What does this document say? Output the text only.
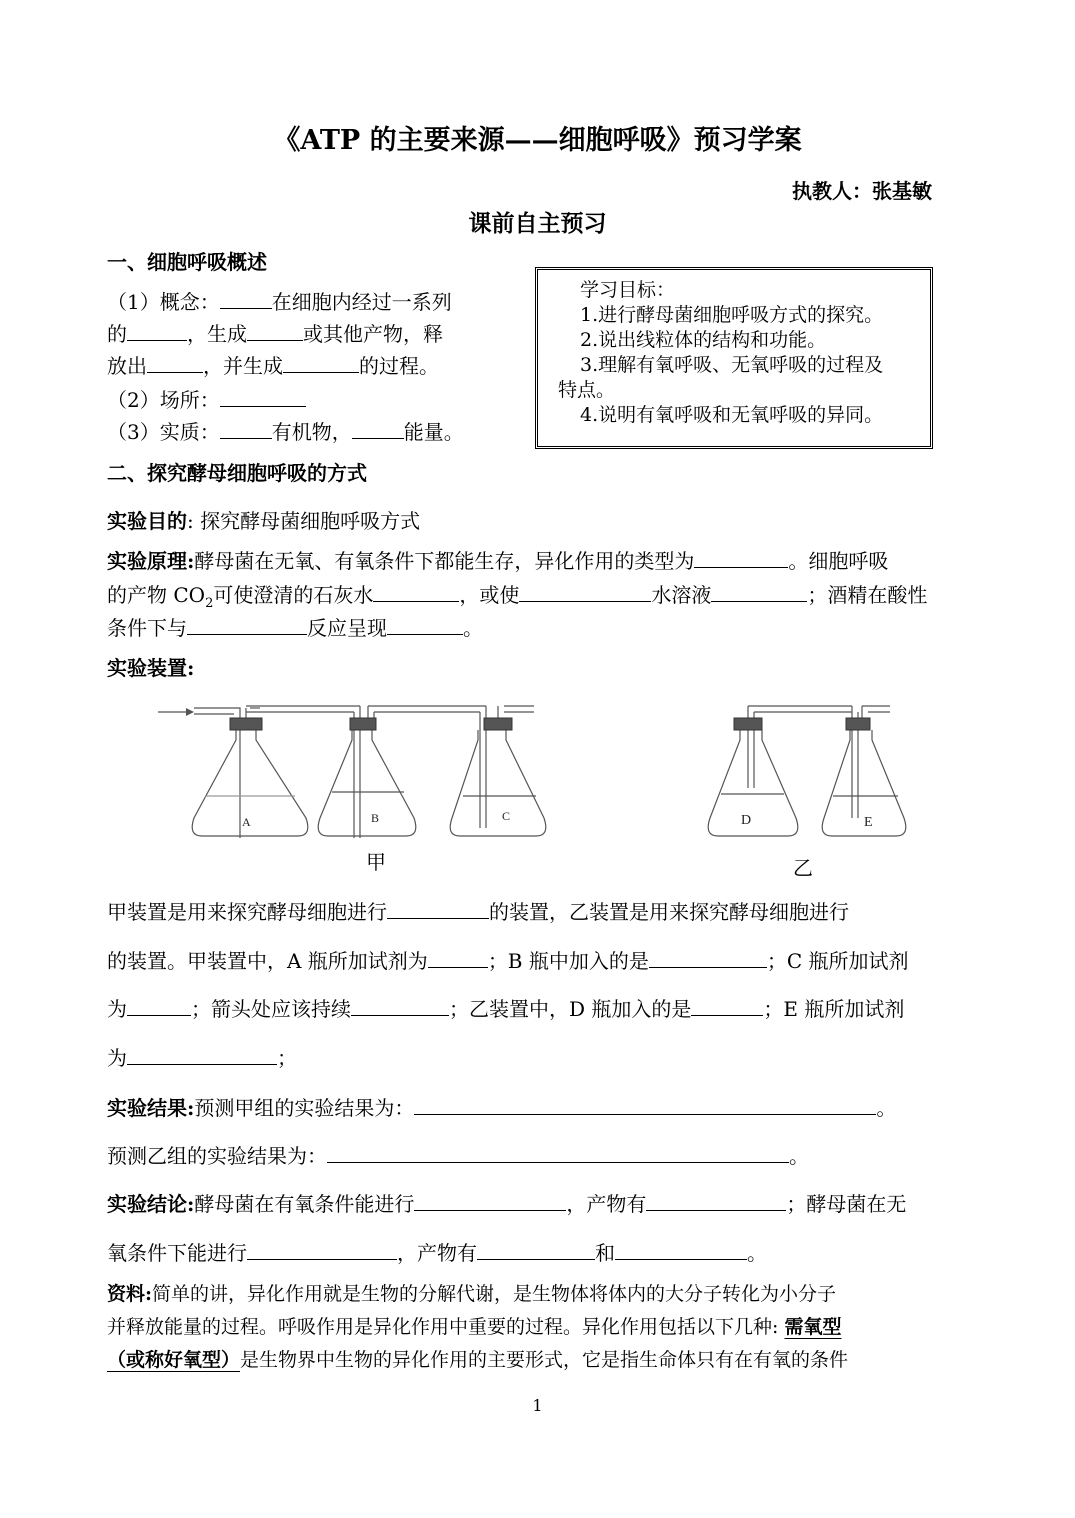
《ATP 的主要来源——细胞呼吸》预习学案
执教人：张基敏
课前自主预习
一、细胞呼吸概述
（1）概念：	在细胞内经过一系列
的	，生成	或其他产物，释
放出	，并生成	的过程。
（2）场所：
（3）实质：	有机物，	能量。
学习目标：
1.进行酵母菌细胞呼吸方式的探究。
2.说出线粒体的结构和功能。
3.理解有氧呼吸、无氧呼吸的过程及
特点。
4.说明有氧呼吸和无氧呼吸的异同。
二、探究酵母细胞呼吸的方式
实验目的: 探究酵母菌细胞呼吸方式
实验原理:酵母菌在无氧、有氧条件下都能生存，异化作用的类型为	。细胞呼吸
的产物 $CO_2$可使澄清的石灰水	，或使	水溶液	；酒精在酸性
条件下与	反应呈现	。
实验装置:
A	B	C	D	E
甲	乙
甲装置是用来探究酵母细胞进行	的装置，乙装置是用来探究酵母细胞进行
的装置。甲装置中，A 瓶所加试剂为	；B 瓶中加入的是	；C 瓶所加试剂
为	；箭头处应该持续	；乙装置中，D 瓶加入的是	；E 瓶所加试剂
为	；
实验结果:预测甲组的实验结果为：	。
预测乙组的实验结果为：	。
实验结论:酵母菌在有氧条件能进行	，产物有	；酵母菌在无
氧条件下能进行	，产物有	和	。
资料:简单的讲，异化作用就是生物的分解代谢，是生物体将体内的大分子转化为小分子
并释放能量的过程。呼吸作用是异化作用中重要的过程。异化作用包括以下几种: 需氧型
（或称好氧型）是生物界中生物的异化作用的主要形式，它是指生命体只有在有氧的条件
1
